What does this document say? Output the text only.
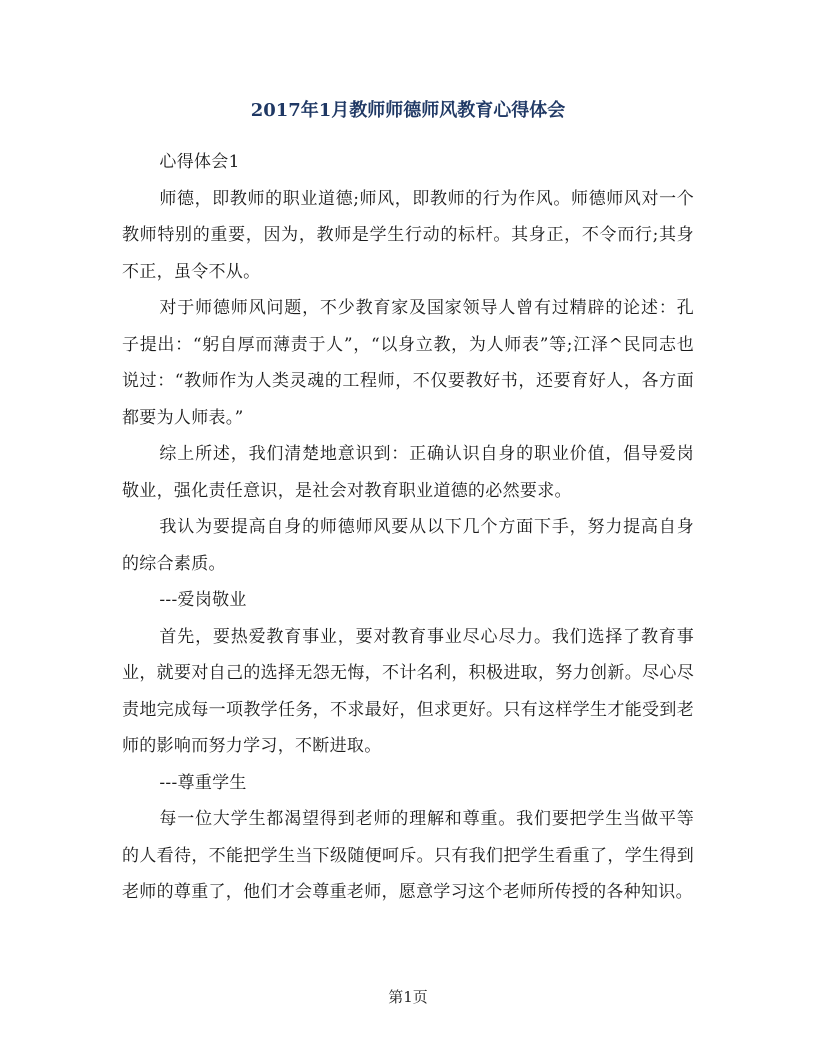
2017年1月教师师德师风教育心得体会

心得体会1

师德，即教师的职业道德;师风，即教师的行为作风。师德师风对一个教师特别的重要，因为，教师是学生行动的标杆。其身正，不令而行;其身不正，虽令不从。

对于师德师风问题，不少教育家及国家领导人曾有过精辟的论述：孔子提出：“躬自厚而薄责于人”，“以身立教，为人师表”等;江泽^民同志也说过：“教师作为人类灵魂的工程师，不仅要教好书，还要育好人，各方面都要为人师表。”

综上所述，我们清楚地意识到：正确认识自身的职业价值，倡导爱岗敬业，强化责任意识，是社会对教育职业道德的必然要求。

我认为要提高自身的师德师风要从以下几个方面下手，努力提高自身的综合素质。

---爱岗敬业

首先，要热爱教育事业，要对教育事业尽心尽力。我们选择了教育事业，就要对自己的选择无怨无悔，不计名利，积极进取，努力创新。尽心尽责地完成每一项教学任务，不求最好，但求更好。只有这样学生才能受到老师的影响而努力学习，不断进取。

---尊重学生

每一位大学生都渴望得到老师的理解和尊重。我们要把学生当做平等的人看待，不能把学生当下级随便呵斥。只有我们把学生看重了，学生得到老师的尊重了，他们才会尊重老师，愿意学习这个老师所传授的各种知识。

第1页
